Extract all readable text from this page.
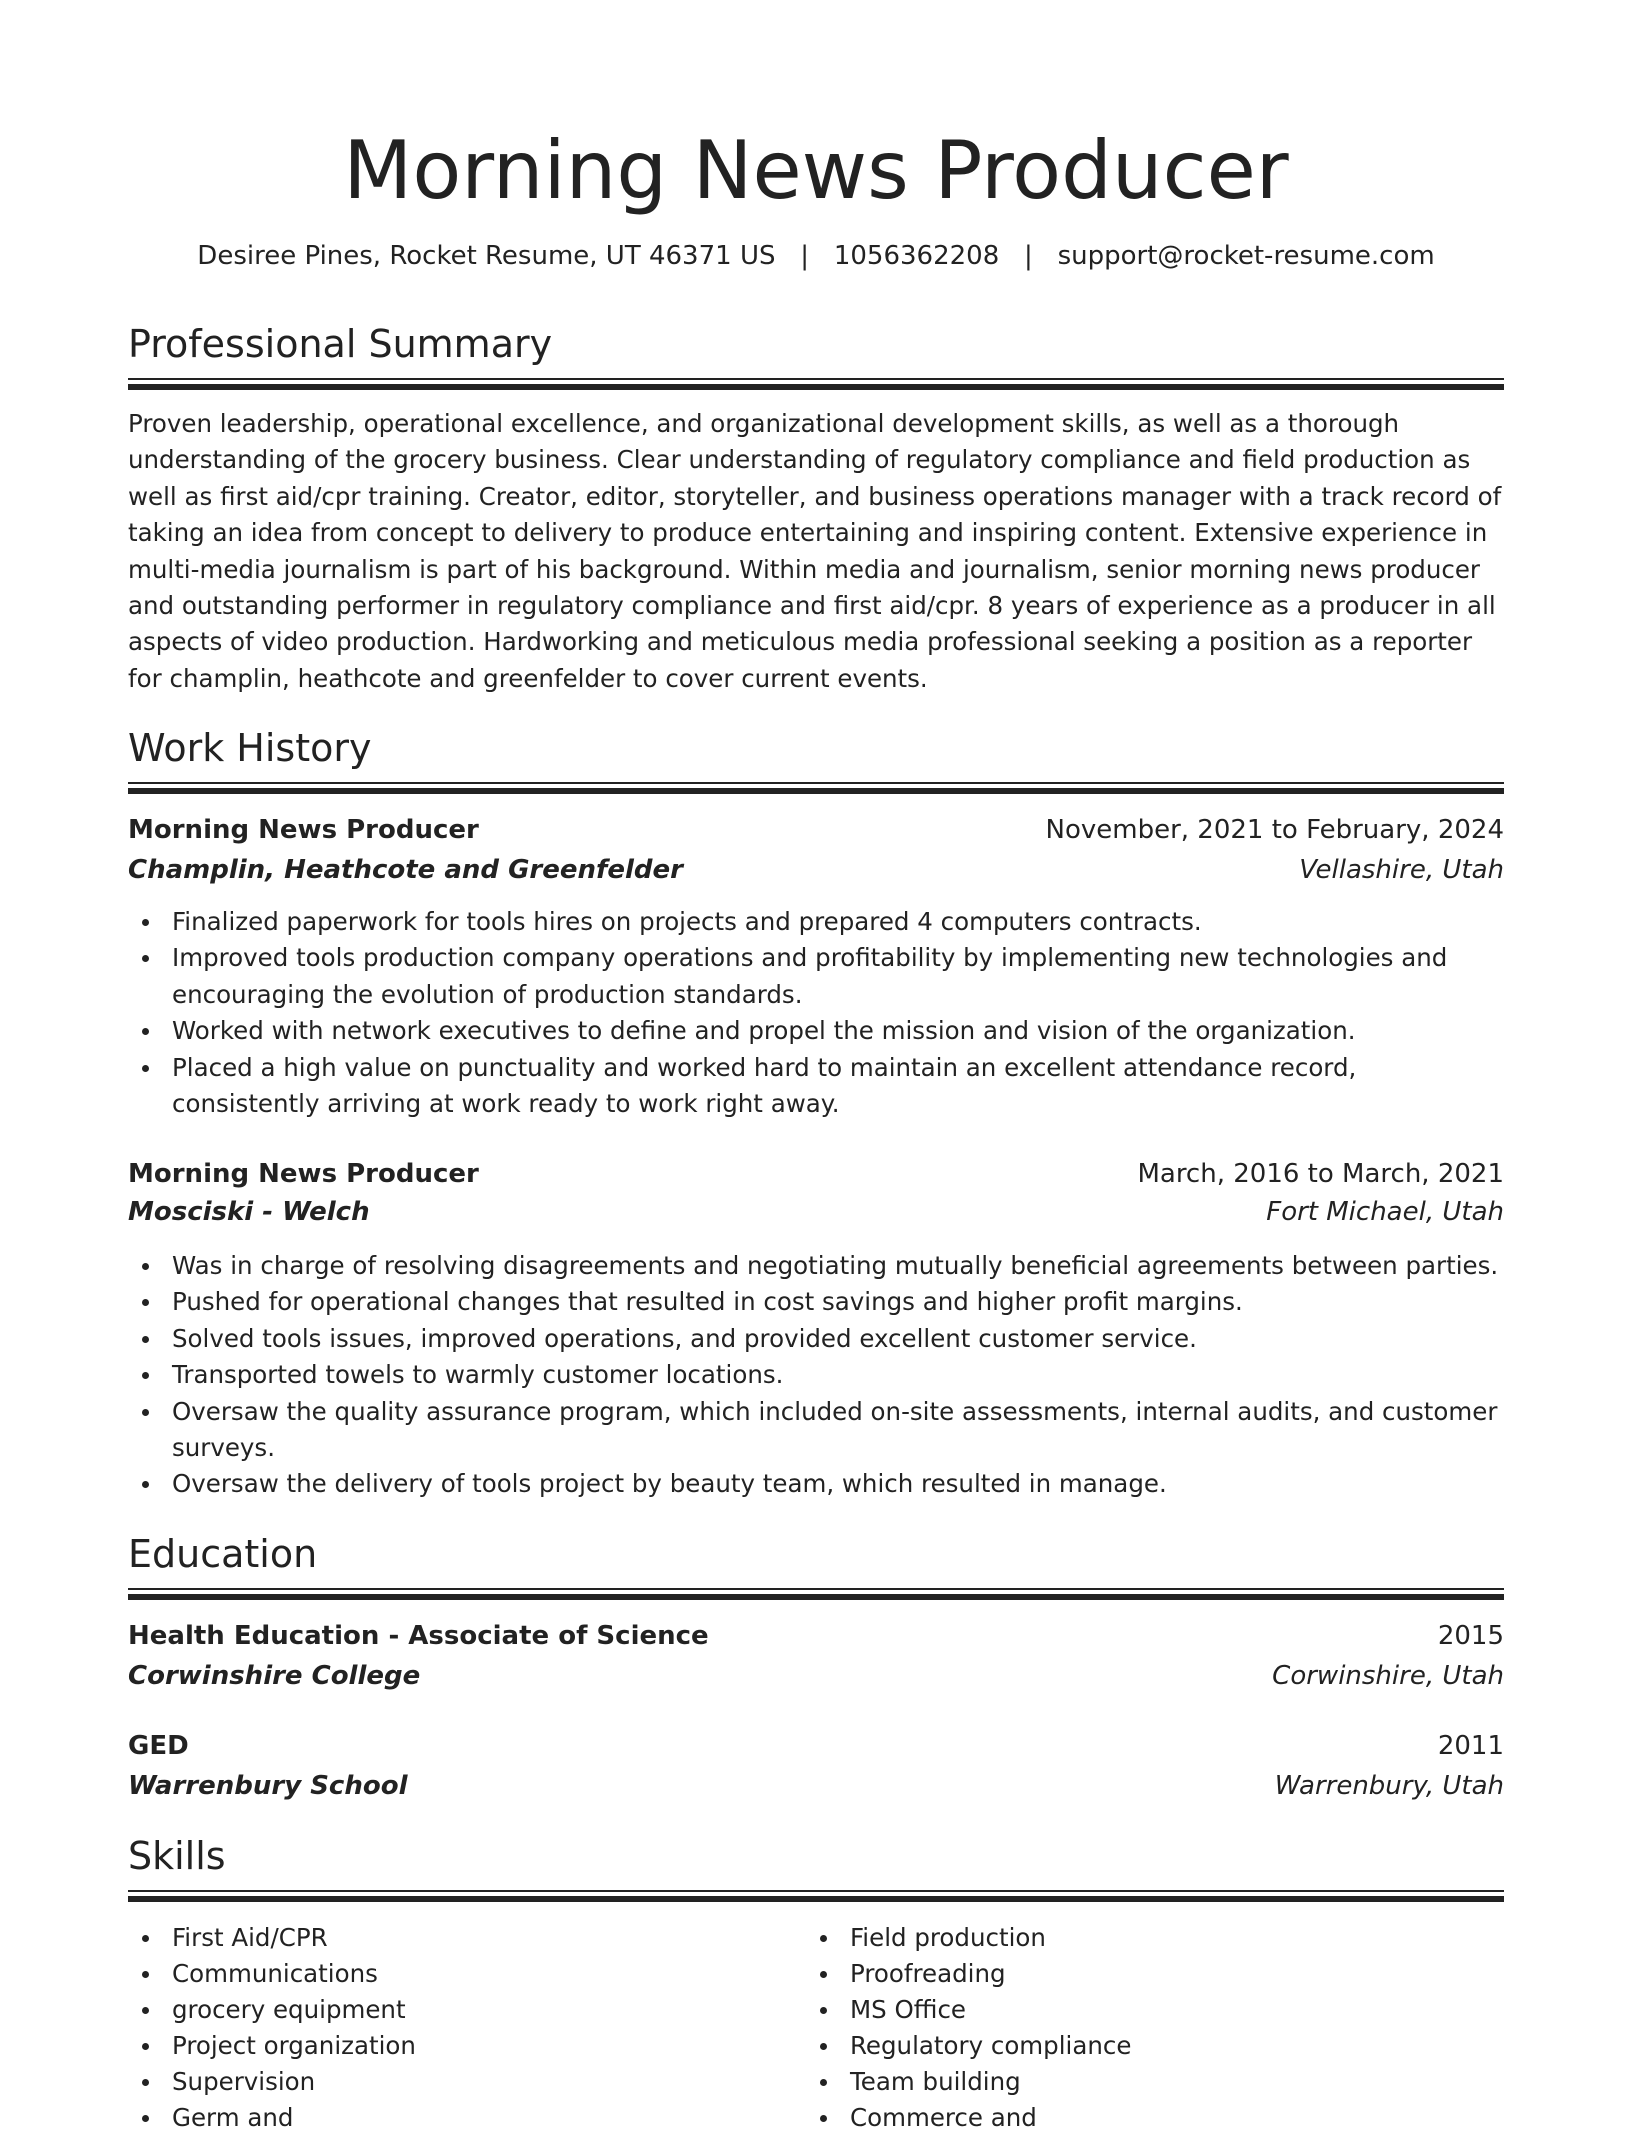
Morning News Producer
Desiree Pines, Rocket Resume, UT 46371 US   |   1056362208   |   support@rocket-resume.com
Professional Summary
Proven leadership, operational excellence, and organizational development skills, as well as a thorough understanding of the grocery business. Clear understanding of regulatory compliance and field production as well as first aid/cpr training. Creator, editor, storyteller, and business operations manager with a track record of taking an idea from concept to delivery to produce entertaining and inspiring content. Extensive experience in multi-media journalism is part of his background. Within media and journalism, senior morning news producer and outstanding performer in regulatory compliance and first aid/cpr. 8 years of experience as a producer in all aspects of video production. Hardworking and meticulous media professional seeking a position as a reporter for champlin, heathcote and greenfelder to cover current events.
Work History
Morning News Producer	November, 2021 to February, 2024
Champlin, Heathcote and Greenfelder	Vellashire, Utah
Finalized paperwork for tools hires on projects and prepared 4 computers contracts.
Improved tools production company operations and profitability by implementing new technologies and encouraging the evolution of production standards.
Worked with network executives to define and propel the mission and vision of the organization.
Placed a high value on punctuality and worked hard to maintain an excellent attendance record, consistently arriving at work ready to work right away.
Morning News Producer	March, 2016 to March, 2021
Mosciski - Welch	Fort Michael, Utah
Was in charge of resolving disagreements and negotiating mutually beneficial agreements between parties.
Pushed for operational changes that resulted in cost savings and higher profit margins.
Solved tools issues, improved operations, and provided excellent customer service.
Transported towels to warmly customer locations.
Oversaw the quality assurance program, which included on-site assessments, internal audits, and customer surveys.
Oversaw the delivery of tools project by beauty team, which resulted in manage.
Education
Health Education - Associate of Science	2015
Corwinshire College	Corwinshire, Utah
GED	2011
Warrenbury School	Warrenbury, Utah
Skills
First Aid/CPR
Communications
grocery equipment
Project organization
Supervision
Germ and
Field production
Proofreading
MS Office
Regulatory compliance
Team building
Commerce and
